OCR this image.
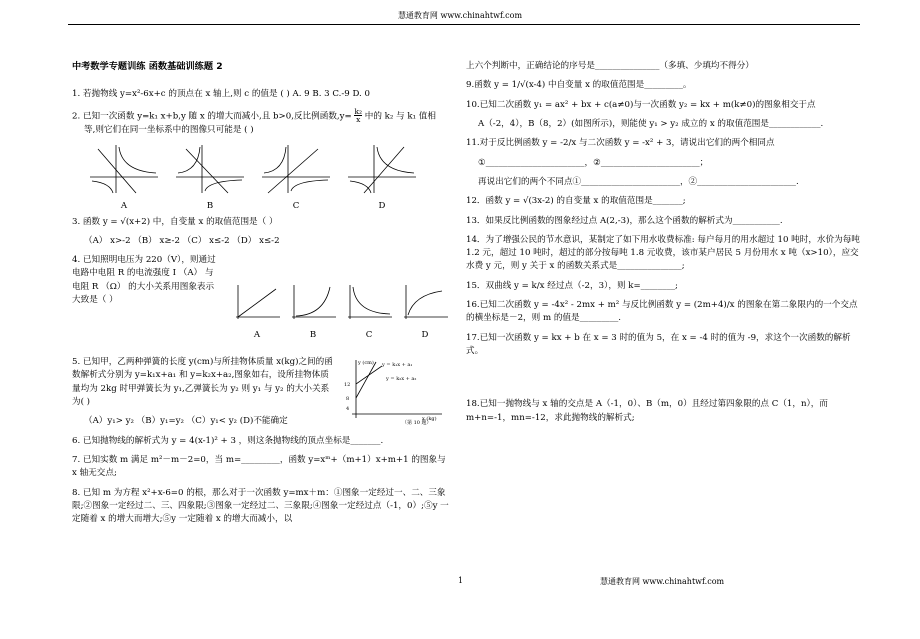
慧通教育网 www.chinahtwf.com
中考数学专题训练 函数基础训练题 2
1. 若抛物线 y=x²-6x+c 的顶点在 x 轴上,则 c 的值是 ( ) A. 9 B. 3 C.-9 D. 0
2. 已知一次函数 y=k₁ x+b,y 随 x 的增大而减小,且 b>0,反比例函数$,y= \frac{\text{k₂}}{x}$ 中的 k₂ 与 k₁ 值相
等,则它们在同一坐标系中的图像只可能是 ( )
A	B	C	D
3. 函数 y = √(x+2) 中，自变量 x 的取值范围是（ ）
（A） x>-2 （B） x≥-2 （C） x≤-2 （D） x≤-2
4. 已知照明电压为 220（V），则通过电路中电阻 R 的电流强度 I （A） 与电阻 R （Ω） 的大小关系用图象表示大致是（ ）
A	B	C	D
5. 已知甲，乙两种弹簧的长度 y(cm)与所挂物体质量 x(kg)之间的函数解析式分别为 y=k₁x+a₁ 和 y=k₂x+a₂,图象如右，设所挂物体质量均为 2kg 时甲弹簧长为 y₁,乙弹簧长为 y₂ 则 y₁ 与 y₂ 的大小关系为( )
（A）y₁> y₂ （B）y₁=y₂ （C）y₁< y₂ (D)不能确定
y (cm) y = k₁x + a₁
y = k₂x + a₂
（第 10 题）
12
8
4
x (kg)
6. 已知抛物线的解析式为 y = 4(x-1)² + 3 ，则这条抛物线的顶点坐标是_______.
7. 已知实数 m 满足 m²－m－2=0，当 m=_________，函数 y=xᵐ+（m+1）x+m+1 的图象与 x 轴无交点;
8. 已知 m 为方程 x²+x-6=0 的根，那么对于一次函数 y=mx＋m：①图象一定经过一、二、三象限;②图象一定经过二、三、四象限;③图象一定经过二、三象限;④图象一定经过点（-1，0）;⑤y 一定随着 x 的增大而增大;⑤y 一定随着 x 的增大而减小，以
上六个判断中，正确结论的序号是_______________（多填、少填均不得分）
9.函数 y = 1/√(x-4) 中自变量 x 的取值范围是_________。
10.已知二次函数 y₁ = ax² + bx + c(a≠0)与一次函数 y₂ = kx + m(k≠0)的图象相交于点
A（-2，4），B（8，2）(如图所示)，则能使 y₁ > y₂ 成立的 x 的取值范围是____________.
11.对于反比例函数 y = -2/x 与二次函数 y = -x² + 3，请说出它们的两个相同点
①_______________________，②_______________________；
再说出它们的两个不同点①_______________________，②_______________________.
12．函数 y = √(3x-2) 的自变量 x 的取值范围是_______;
13．如果反比例函数的图象经过点 A(2,-3)，那么这个函数的解析式为___________.
14．为了增强公民的节水意识，某制定了如下用水收费标准: 每户每月的用水超过 10 吨时，水价为每吨 1.2 元，超过 10 吨时，超过的部分按每吨 1.8 元收费，该市某户居民 5 月份用水 x 吨（x>10），应交水费 y 元，则 y 关于 x 的函数关系式是_______________;
15．双曲线 y = k/x 经过点（-2，3），则 k=________;
16.已知二次函数 y = -4x² - 2mx + m² 与反比例函数 y = (2m+4)/x 的图象在第二象限内的一个交点的横坐标是－2，则 m 的值是_________.
17.已知一次函数 y = kx + b 在 x = 3 时的值为 5，在 x = -4 时的值为 -9，求这个一次函数的解析式。
18.已知一抛物线与 x 轴的交点是 A（-1，0）、B（m，0）且经过第四象限的点 C（1，n），而 m+n=-1，mn=-12，求此抛物线的解析式;
1	慧通教育网 www.chinahtwf.com
